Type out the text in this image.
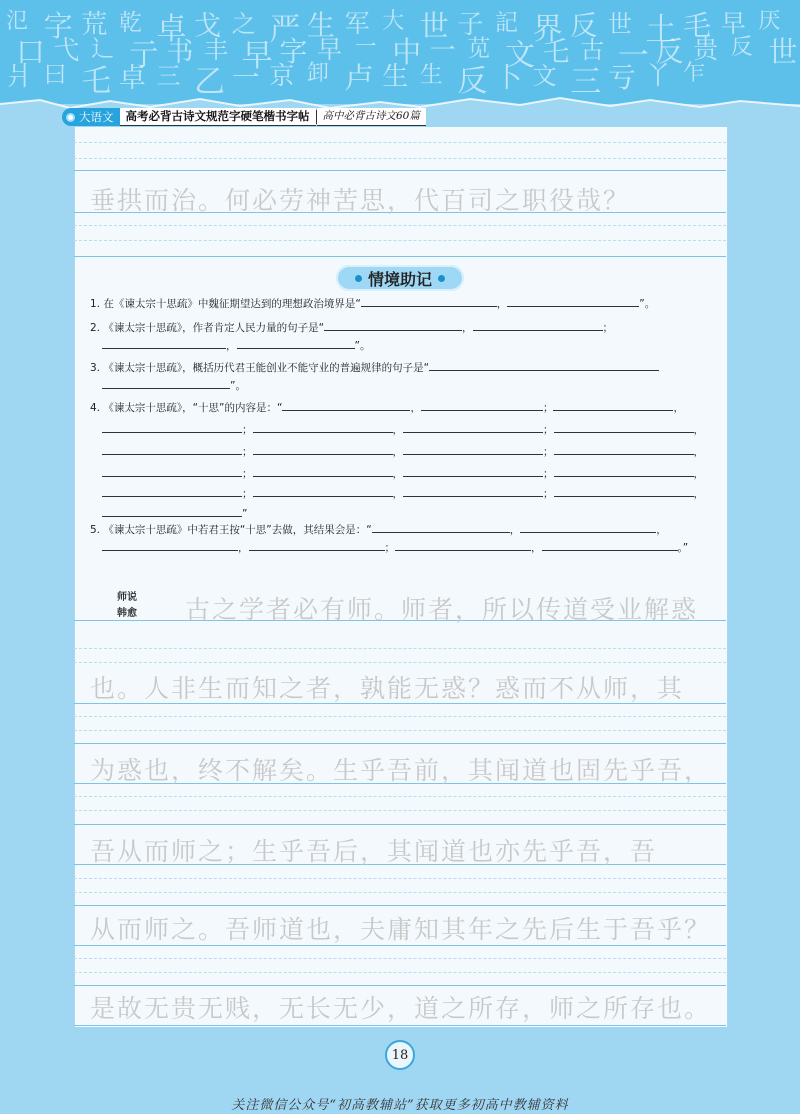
氾 字 荒 乾 卓 戈 之 严 生 军 大 世 子 記 界 反 世 土 毛 早 厌
口 弋 辶 亍 书 丰 早 字 早 一 中 一 苋 文 乇 古 一 反 贵 反 世
爿 曰 乇 卓 三 乙 一 京 卸 卢 生 生 反 卜 文 三 亏 丫 乍
大语文	高考必背古诗文规范字硬笔楷书字帖	高中必背古诗文60篇
垂拱而治。何必劳神苦思，代百司之职役哉？
情境助记
1. 在《谏太宗十思疏》中魏征期望达到的理想政治境界是“	，	”。
2. 《谏太宗十思疏》，作者肯定人民力量的句子是“	，	；
，	”。
3. 《谏太宗十思疏》，概括历代君王能创业不能守业的普遍规律的句子是“
”。
4. 《谏太宗十思疏》，“十思”的内容是：“	，	；	，
；	，	；	，
；	，	；	，
；	，	；	，
；	，	；	，
”
5. 《谏太宗十思疏》中若君王按“十思”去做，其结果会是：“	，	，
，	；	，	。”
师说
韩愈 古之学者必有师。师者，所以传道受业解惑
也。人非生而知之者，孰能无惑？惑而不从师，其
为惑也，终不解矣。生乎吾前，其闻道也固先乎吾，
吾从而师之；生乎吾后，其闻道也亦先乎吾，吾
从而师之。吾师道也，夫庸知其年之先后生于吾乎？
是故无贵无贱，无长无少，道之所存，师之所存也。
18
关注微信公众号“初高教辅站”获取更多初高中教辅资料
